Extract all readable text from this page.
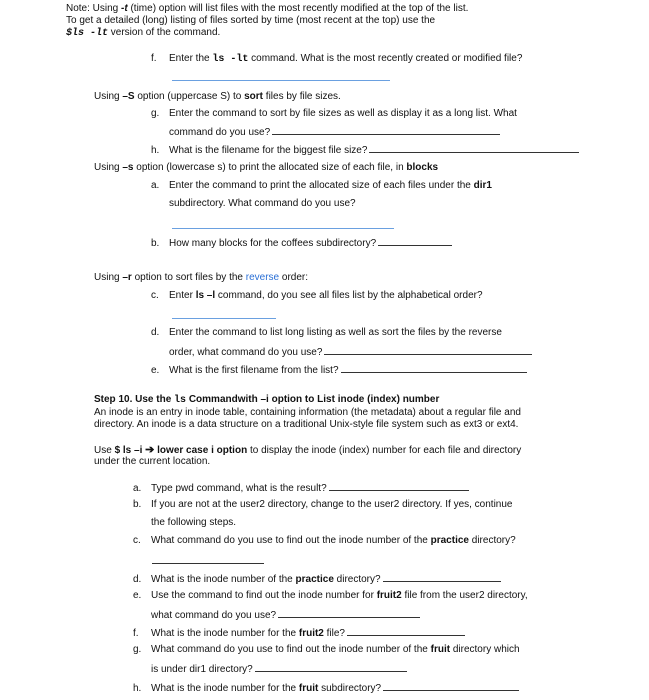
Note: Using -t (time) option will list files with the most recently modified at the top of the list.
To get a detailed (long) listing of files sorted by time (most recent at the top) use the
$ls -lt version of the command.
f. Enter the ls -lt command. What is the most recently created or modified file?
Using –S option (uppercase S) to sort files by file sizes.
g. Enter the command to sort by file sizes as well as display it as a long list. What
command do you use?
h. What is the filename for the biggest file size?
Using –s option (lowercase s) to print the allocated size of each file, in blocks
a. Enter the command to print the allocated size of each files under the dir1
subdirectory. What command do you use?
b. How many blocks for the coffees subdirectory?
Using –r option to sort files by the reverse order:
c. Enter ls –l command, do you see all files list by the alphabetical order?
d. Enter the command to list long listing as well as sort the files by the reverse
order, what command do you use?
e. What is the first filename from the list?
Step 10. Use the ls Commandwith –i option to List inode (index) number
An inode is an entry in inode table, containing information (the metadata) about a regular file and
directory. An inode is a data structure on a traditional Unix-style file system such as ext3 or ext4.
Use $ ls –i ➔ lower case i option to display the inode (index) number for each file and directory
under the current location.
a. Type pwd command, what is the result?
b. If you are not at the user2 directory, change to the user2 directory. If yes, continue
the following steps.
c. What command do you use to find out the inode number of the practice directory?
d. What is the inode number of the practice directory?
e. Use the command to find out the inode number for fruit2 file from the user2 directory,
what command do you use?
f. What is the inode number for the fruit2 file?
g. What command do you use to find out the inode number of the fruit directory which
is under dir1 directory?
h. What is the inode number for the fruit subdirectory?
